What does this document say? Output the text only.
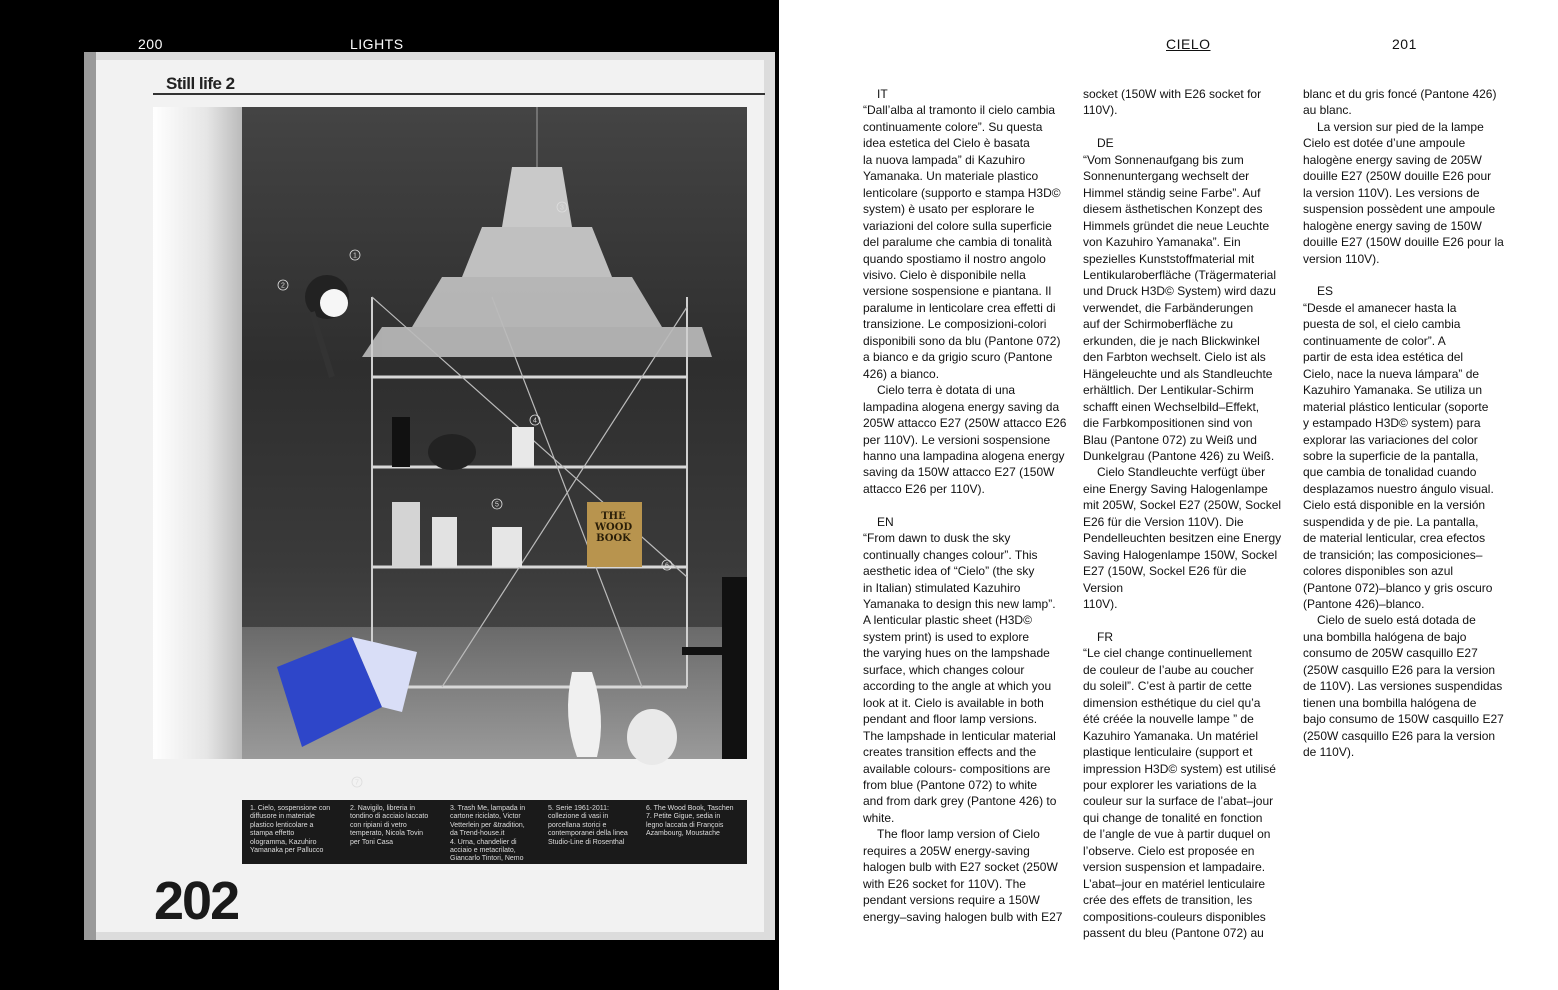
200	LIGHTS
Still life 2
1
2
3
4
5
6
7
THE
WOOD
BOOK
1. Cielo, sospensione con
diffusore in materiale
plastico lenticolare a
stampa effetto
ologramma, Kazuhiro
Yamanaka per Pallucco
2. Navigilo, libreria in
tondino di acciaio laccato
con ripiani di vetro
temperato, Nicola Tovin
per Toni Casa
3. Trash Me, lampada in
cartone riciclato, Victor
Vetterlein per &tradition,
da Trend-house.it
4. Urna, chandelier di
acciaio e metacrilato,
Giancarlo Tintori, Nemo
5. Serie 1961-2011:
collezione di vasi in
porcellana storici e
contemporanei della linea
Studio-Line di Rosenthal
6. The Wood Book, Taschen
7. Petite Gigue, sedia in
legno laccata di François
Azambourg, Moustache
202
CIELO	201
IT
“Dall’alba al tramonto il cielo cambia
continuamente colore”. Su questa
idea estetica del Cielo è basata
la nuova lampada” di Kazuhiro
Yamanaka. Un materiale plastico
lenticolare (supporto e stampa H3D©
system) è usato per esplorare le
variazioni del colore sulla superficie
del paralume che cambia di tonalità
quando spostiamo il nostro angolo
visivo. Cielo è disponibile nella
versione sospensione e piantana. Il
paralume in lenticolare crea effetti di
transizione. Le composizioni-colori
disponibili sono da blu (Pantone 072)
a bianco e da grigio scuro (Pantone
426) a bianco.
Cielo terra è dotata di una
lampadina alogena energy saving da
205W attacco E27 (250W attacco E26
per 110V). Le versioni sospensione
hanno una lampadina alogena energy
saving da 150W attacco E27 (150W
attacco E26 per 110V).
EN
“From dawn to dusk the sky
continually changes colour”. This
aesthetic idea of “Cielo” (the sky
in Italian) stimulated Kazuhiro
Yamanaka to design this new lamp”.
A lenticular plastic sheet (H3D©
system print) is used to explore
the varying hues on the lampshade
surface, which changes colour
according to the angle at which you
look at it. Cielo is available in both
pendant and floor lamp versions.
The lampshade in lenticular material
creates transition effects and the
available colours- compositions are
from blue (Pantone 072) to white
and from dark grey (Pantone 426) to
white.
The floor lamp version of Cielo
requires a 205W energy-saving
halogen bulb with E27 socket (250W
with E26 socket for 110V). The
pendant versions require a 150W
energy–saving halogen bulb with E27
socket (150W with E26 socket for
110V).
DE
“Vom Sonnenaufgang bis zum
Sonnenuntergang wechselt der
Himmel ständig seine Farbe”. Auf
diesem ästhetischen Konzept des
Himmels gründet die neue Leuchte
von Kazuhiro Yamanaka”. Ein
spezielles Kunststoffmaterial mit
Lentikularoberfläche (Trägermaterial
und Druck H3D© System) wird dazu
verwendet, die Farbänderungen
auf der Schirmoberfläche zu
erkunden, die je nach Blickwinkel
den Farbton wechselt. Cielo ist als
Hängeleuchte und als Standleuchte
erhältlich. Der Lentikular-Schirm
schafft einen Wechselbild–Effekt,
die Farbkompositionen sind von
Blau (Pantone 072) zu Weiß und
Dunkelgrau (Pantone 426) zu Weiß.
Cielo Standleuchte verfügt über
eine Energy Saving Halogenlampe
mit 205W, Sockel E27 (250W, Sockel
E26 für die Version 110V). Die
Pendelleuchten besitzen eine Energy
Saving Halogenlampe 150W, Sockel
E27 (150W, Sockel E26 für die Version
110V).
FR
“Le ciel change continuellement
de couleur de l’aube au coucher
du soleil”. C’est à partir de cette
dimension esthétique du ciel qu’a
été créée la nouvelle lampe ” de
Kazuhiro Yamanaka. Un matériel
plastique lenticulaire (support et
impression H3D© system) est utilisé
pour explorer les variations de la
couleur sur la surface de l’abat–jour
qui change de tonalité en fonction
de l’angle de vue à partir duquel on
l’observe. Cielo est proposée en
version suspension et lampadaire.
L’abat–jour en matériel lenticulaire
crée des effets de transition, les
compositions-couleurs disponibles
passent du bleu (Pantone 072) au
blanc et du gris foncé (Pantone 426)
au blanc.
La version sur pied de la lampe
Cielo est dotée d’une ampoule
halogène energy saving de 205W
douille E27 (250W douille E26 pour
la version 110V). Les versions de
suspension possèdent une ampoule
halogène energy saving de 150W
douille E27 (150W douille E26 pour la
version 110V).
ES
“Desde el amanecer hasta la
puesta de sol, el cielo cambia
continuamente de color”. A
partir de esta idea estética del
Cielo, nace la nueva lámpara” de
Kazuhiro Yamanaka. Se utiliza un
material plástico lenticular (soporte
y estampado H3D© system) para
explorar las variaciones del color
sobre la superficie de la pantalla,
que cambia de tonalidad cuando
desplazamos nuestro ángulo visual.
Cielo está disponible en la versión
suspendida y de pie. La pantalla,
de material lenticular, crea efectos
de transición; las composiciones–
colores disponibles son azul
(Pantone 072)–blanco y gris oscuro
(Pantone 426)–blanco.
Cielo de suelo está dotada de
una bombilla halógena de bajo
consumo de 205W casquillo E27
(250W casquillo E26 para la version
de 110V). Las versiones suspendidas
tienen una bombilla halógena de
bajo consumo de 150W casquillo E27
(250W casquillo E26 para la version
de 110V).
